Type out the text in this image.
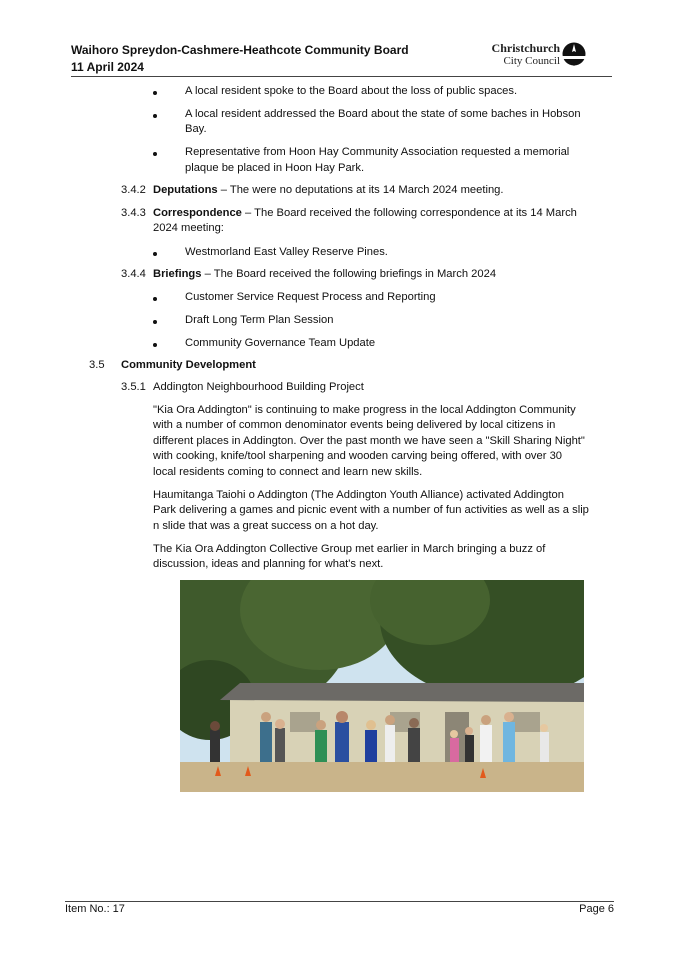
Waihoro Spreydon-Cashmere-Heathcote Community Board
11 April 2024
Christchurch
City Council
A local resident spoke to the Board about the loss of public spaces.
A local resident addressed the Board about the state of some baches in Hobson
Bay.
Representative from Hoon Hay Community Association requested a memorial
plaque be placed in Hoon Hay Park.
3.4.2 Deputations – The were no deputations at its 14 March 2024 meeting.
3.4.3 Correspondence – The Board received the following correspondence at its 14 March
2024 meeting:
Westmorland East Valley Reserve Pines.
3.4.4 Briefings – The Board received the following briefings in March 2024
Customer Service Request Process and Reporting
Draft Long Term Plan Session
Community Governance Team Update
3.5 Community Development
3.5.1 Addington Neighbourhood Building Project
"Kia Ora Addington" is continuing to make progress in the local Addington Community
with a number of common denominator events being delivered by local citizens in
different places in Addington. Over the past month we have seen a "Skill Sharing Night"
with cooking, knife/tool sharpening and wooden carving being offered, with over 30
local residents coming to connect and learn new skills.
Haumitanga Taiohi o Addington (The Addington Youth Alliance) activated Addington
Park delivering a games and picnic event with a number of fun activities as well as a slip
n slide that was a great success on a hot day.
The Kia Ora Addington Collective Group met earlier in March bringing a buzz of
discussion, ideas and planning for what's next.
Item No.: 17	Page 6
